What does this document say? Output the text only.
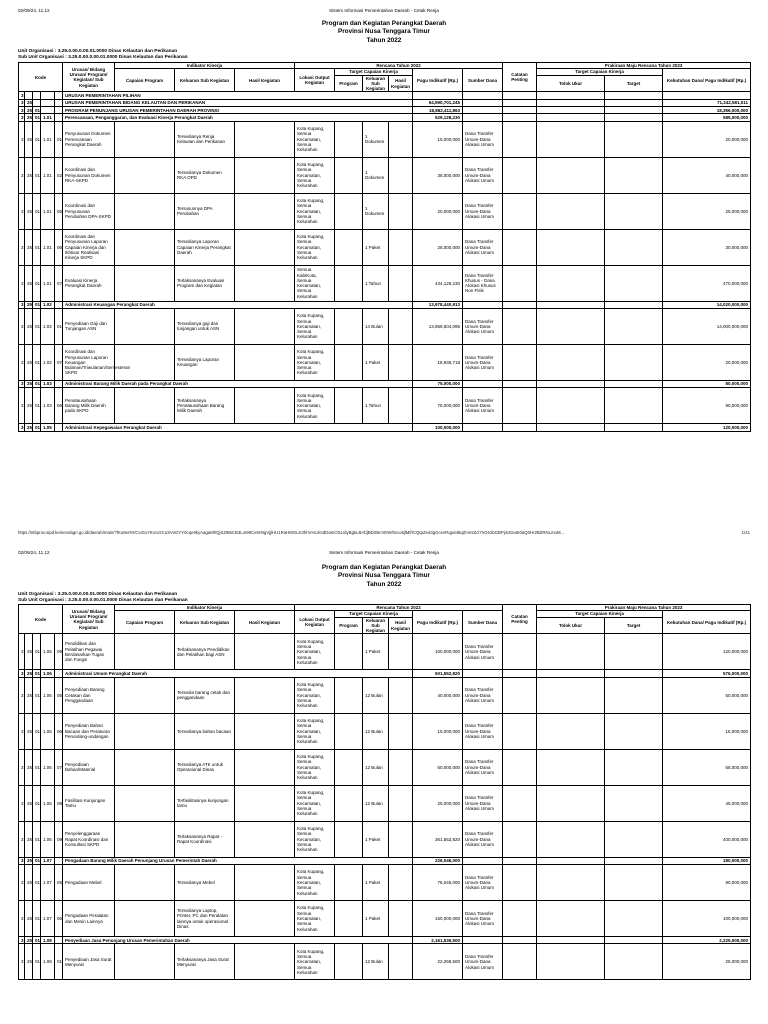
02/09/24, 11.12	Sistem Informasi Pemerintahan Daerah - Cetak Renja
Program dan Kegiatan Perangkat Daerah
Provinsi Nusa Tenggara Timur
Tahun 2022
Unit Organisasi : 3.25.0.00.0.00.01.0000 Dinas Kelautan dan Perikanan
Sub Unit Organisasi : 3.25.0.00.0.00.01.0000 Dinas Kelautan dan Perikanan
Kode					Urusan/ Bidang Urusan/ Program/ Kegiatan/ Sub Kegiatan	Indikator Kinerja			Rencana Tahun 2022						Catatan Penting	Prakiraan Maju Rencana Tahun 2023		
						Capaian Program	Keluaran Sub Kegiatan	Hasil Kegiatan	Lokasi Output Kegiatan	Target Capaian Kinerja			Pagu Indikatif (Rp.)	Sumber Dana		Target Capaian Kinerja		Kebutuhan Dana/ Pagu Indikatif (Rp.)
										Program	Keluaran Sub Kegiatan	Hasil Kegiatan				Tolok Ukur	Target	
3					URUSAN PEMERINTAHAN PILIHAN													
3	25				URUSAN PEMERINTAHAN BIDANG KELAUTAN DAN PERIKANAN								54,590,701,245					71,242,581,011
3	25	01			PROGRAM PENUNJANG URUSAN PEMERINTAHAN DAERAH PROVINSI								18,862,411,863					18,356,000,000
3	25	01	1.01		Perencanaan, Penganggaran, dan Evaluasi Kinerja Perangkat Daerah								529,128,230					585,000,000
3	25	01	1.01	01	Penyusunan Dokumen Perencanaan Perangkat Daerah		Tersedianya Renja Kelautan dan Perikanan		Kota Kupang, Semua Kecamatan, Semua Kelurahan		1 Dokumen		15,000,000	Dana Transfer Umum-Dana Alokasi Umum				20,000,000
3	25	01	1.01	02	Koordinasi dan Penyusunan Dokumen RKA-SKPD		Tersedianya Dokumen RKA OPD		Kota Kupang, Semua Kecamatan, Semua Kelurahan		1 Dokumen		35,000,000	Dana Transfer Umum-Dana Alokasi Umum				40,000,000
3	25	01	1.01	05	Koordinasi dan Penyusunan Perubahan DPA-SKPD		Tersusunnya DPA Perubahan		Kota Kupang, Semua Kecamatan, Semua Kelurahan		1 Dokumen		20,000,000	Dana Transfer Umum-Dana Alokasi Umum				25,000,000
3	25	01	1.01	06	Koordinasi dan Penyusunan Laporan Capaian Kinerja dan Ikhtisar Realisasi Kinerja SKPD		Tersedianya Laporan Capaian Kinerja Perangkat Daerah		Kota Kupang, Semua Kecamatan, Semua Kelurahan		1 Paket		25,000,000	Dana Transfer Umum-Dana Alokasi Umum				30,000,000
3	25	01	1.01	07	Evaluasi Kinerja Perangkat Daerah		Terlaksananya Evaluasi Program dan Kegiatan		Semua Kab/Kota, Semua Kecamatan, Semua Kelurahan		1 Tahun		434,128,230	Dana Transfer Khusus - Dana Alokasi Khusus Non Fisik				470,000,000
3	25	01	1.02		Administrasi Keuangan Perangkat Daerah								13,978,440,913					14,020,000,000
3	25	01	1.02	01	Penyediaan Gaji dan Tunjangan ASN		Tersedianya gaji dan tunjangan untuk ASN		Kota Kupang, Semua Kecamatan, Semua Kelurahan		14 Bulan		13,959,504,095	Dana Transfer Umum-Dana Alokasi Umum				14,000,000,000
3	25	01	1.02	07	Koordinasi dan Penyusunan Laporan Keuangan Bulanan/Triwulanan/Semesteran SKPD		Tersedianya Laporan Keuangan		Kota Kupang, Semua Kecamatan, Semua Kelurahan		1 Paket		18,936,718	Dana Transfer Umum-Dana Alokasi Umum				20,000,000
3	25	01	1.03		Administrasi Barang Milik Daerah pada Perangkat Daerah								75,000,000					80,000,000
3	25	01	1.03	06	Penatausahaan Barang Milik Daerah pada SKPD		Terlaksananya Penatausahaan Barang Milik Daerah		Kota Kupang, Semua Kecamatan, Semua Kelurahan		1 Tahun		75,000,000	Dana Transfer Umum-Dana Alokasi Umum				80,000,000
3	25	01	1.05		Administrasi Kepegawaian Perangkat Daerah								100,000,000					120,000,000
https://ntbprov.sipd.kemendagri.go.id/daerah/main/?fKu8erNVCUGo7KroUzCuSVoGYY0cqe9kyAagaMhQjSZ9t6CB3LoI99Ce5r9IgVjjlHU1RaHMGLK3hhVHLrkndDamOSL/dyBgkLBAb]BDZBcVEW/8xco6jlMf/ICQtpZed3gGcevRqp/e8tqZmmtZcl7nG61bGBPj4cIDu6I0aQ0Hr2BZRNLmuM...	1/41
02/09/24, 11.12	Sistem Informasi Pemerintahan Daerah - Cetak Renja
Program dan Kegiatan Perangkat Daerah
Provinsi Nusa Tenggara Timur
Tahun 2022
Unit Organisasi : 3.25.0.00.0.00.01.0000 Dinas Kelautan dan Perikanan
Sub Unit Organisasi : 3.25.0.00.0.00.01.0000 Dinas Kelautan dan Perikanan
Kode					Urusan/ Bidang Urusan/ Program/ Kegiatan/ Sub Kegiatan	Indikator Kinerja			Rencana Tahun 2022						Catatan Penting	Prakiraan Maju Rencana Tahun 2023		
						Capaian Program	Keluaran Sub Kegiatan	Hasil Kegiatan	Lokasi Output Kegiatan	Target Capaian Kinerja			Pagu Indikatif (Rp.)	Sumber Dana		Target Capaian Kinerja		Kebutuhan Dana/ Pagu Indikatif (Rp.)
										Program	Keluaran Sub Kegiatan	Hasil Kegiatan				Tolok Ukur	Target	
3	25	01	1.05	09	Pendidikan dan Pelatihan Pegawai Berdasarkan Tugas dan Fungsi		Terlaksananya Pendidikan dan Pelatihan bagi ASN		Kota Kupang, Semua Kecamatan, Semua Kelurahan		1 Paket		100,000,000	Dana Transfer Umum-Dana Alokasi Umum				120,000,000
3	25	01	1.06		Administrasi Umum Perangkat Daerah								501,552,820					576,000,000
3	25	01	1.06	05	Penyediaan Barang Cetakan dan Penggandaan		Tersedia barang cetak dan penggandaan		Kota Kupang, Semua Kecamatan, Semua Kelurahan		12 Bulan		40,000,000	Dana Transfer Umum-Dana Alokasi Umum				50,000,000
3	25	01	1.06	06	Penyediaan Bahan Bacaan dan Peraturan Perundang-undangan		Tersedianya bahan bacaan		Kota Kupang, Semua Kecamatan, Semua Kelurahan		12 Bulan		15,000,000	Dana Transfer Umum-Dana Alokasi Umum				16,000,000
3	25	01	1.06	07	Penyediaan Bahan/Material		Tersedianya ATK untuk Operasional Dinas		Kota Kupang, Semua Kecamatan, Semua Kelurahan		12 Bulan		60,000,000	Dana Transfer Umum-Dana Alokasi Umum				65,000,000
3	25	01	1.06	08	Fasilitasi Kunjungan Tamu		Terfasilitasinya kunjungan tamu		Kota Kupang, Semua Kecamatan, Semua Kelurahan		12 Bulan		25,000,000	Dana Transfer Umum-Dana Alokasi Umum				45,000,000
3	25	01	1.06	09	Penyelenggaraan Rapat Koordinasi dan Konsultasi SKPD		Terlaksananya Rapat - Rapat Koordinasi		Kota Kupang, Semua Kecamatan, Semua Kelurahan		1 Paket		361,552,820	Dana Transfer Umum-Dana Alokasi Umum				400,000,000
3	25	01	1.07		Pengadaan Barang Milik Daerah Penunjang Urusan Pemerintah Daerah								226,046,000					180,000,000
3	25	01	1.07	05	Pengadaan Mebel		Tersedianya Mebel		Kota Kupang, Semua Kecamatan, Semua Kelurahan		1 Paket		76,046,000	Dana Transfer Umum-Dana Alokasi Umum				80,000,000
3	25	01	1.07	06	Pengadaan Peralatan dan Mesin Lainnya		Tersedianya Laptop, Printer, PC dan Peralatan lainnya untuk operasional Dinas		Kota Kupang, Semua Kecamatan, Semua Kelurahan		1 Paket		150,000,000	Dana Transfer Umum-Dana Alokasi Umum				100,000,000
3	25	01	1.08		Penyediaan Jasa Penunjang Urusan Pemerintahan Daerah								2,161,536,500					2,225,000,000
3	25	01	1.08	01	Penyediaan Jasa Surat Menyurat		Terlaksananya Jasa Surat Menyurat		Kota Kupang, Semua Kecamatan, Semua Kelurahan		12 Bulan		22,268,500	Dana Transfer Umum-Dana Alokasi Umum				25,000,000
